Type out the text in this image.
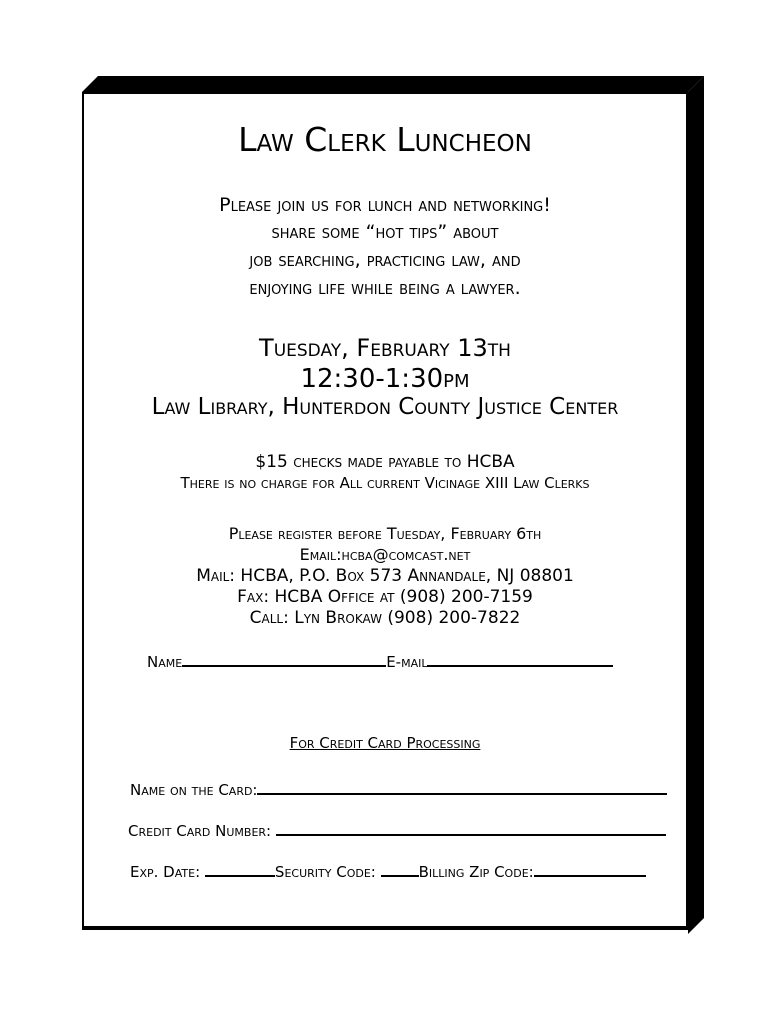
Law Clerk Luncheon
Please join us for lunch and networking!
share some “hot tips” about
job searching, practicing law, and
enjoying life while being a lawyer.
Tuesday, February 13th
12:30-1:30pm
Law Library, Hunterdon County Justice Center
$15 checks made payable to HCBA
There is no charge for All current Vicinage XIII Law Clerks
Please register before Tuesday, February 6th
Email:hcba@comcast.net
Mail: HCBA, P.O. Box 573 Annandale, NJ 08801
Fax: HCBA Office at (908) 200-7159
Call: Lyn Brokaw (908) 200-7822
Name	E-mail
For Credit Card Processing
Name on the Card:
Credit Card Number:
Exp. Date:	Security Code:	Billing Zip Code:
